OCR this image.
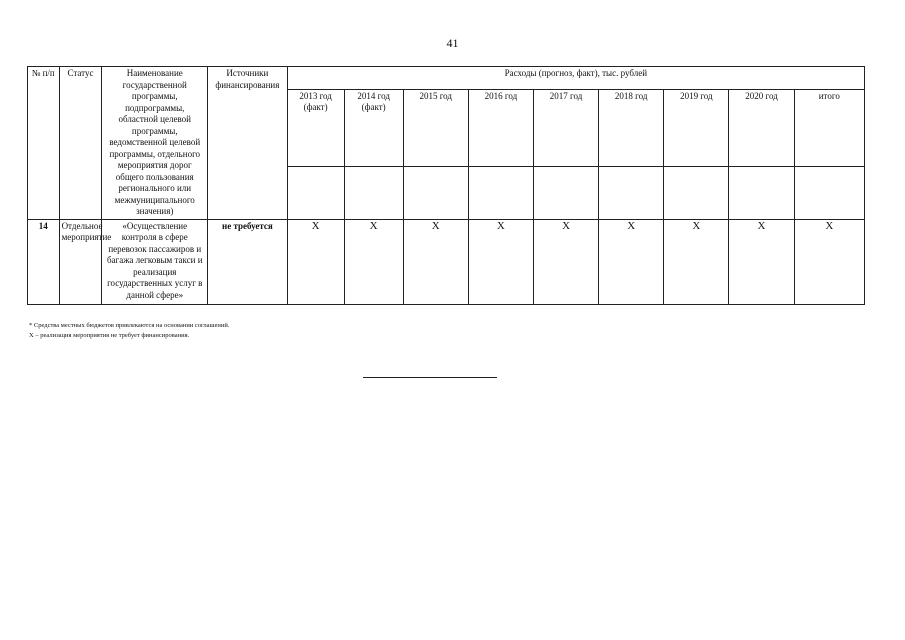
41
№ п/п	Статус	Наименование государственной программы, подпрограммы, областной целевой программы, ведомственной целевой программы, отдельного мероприятия дорог общего пользования регионального или межмуниципального значения)	Источники финансирования	Расходы (прогноз, факт), тыс. рублей								
				2013 год (факт)	2014 год (факт)	2015 год	2016 год	2017 год	2018 год	2019 год	2020 год	итого

14	Отдельное мероприятие	«Осуществление контроля в сфере перевозок пассажиров и багажа легковым такси и реализация государственных услуг в данной сфере»	не требуется	X	X	X	X	X	X	X	X	X
* Средства местных бюджетов привлекаются на основании соглашений.
X – реализация мероприятия не требует финансирования.
